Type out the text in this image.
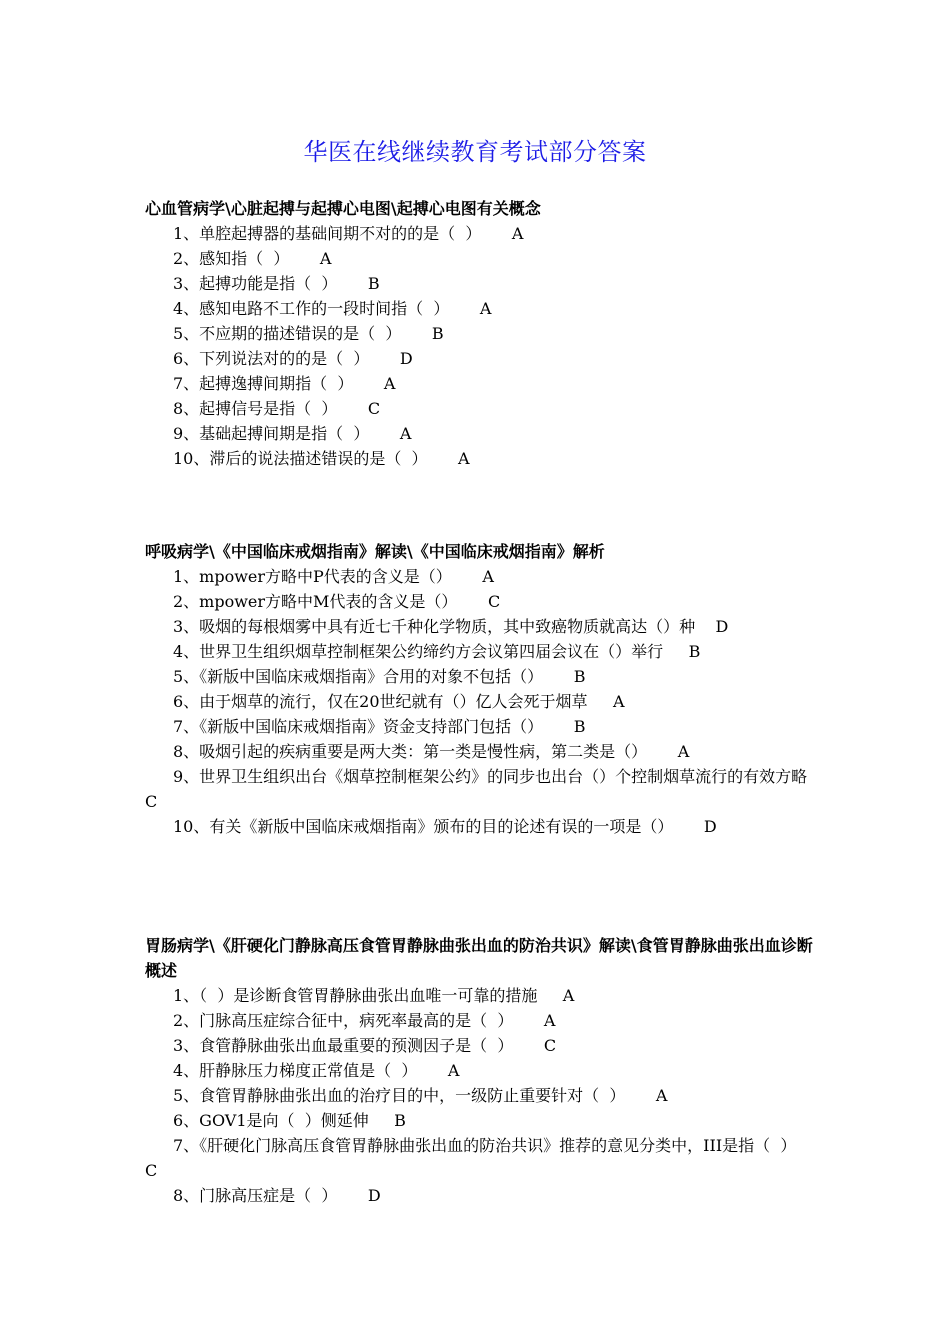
华医在线继续教育考试部分答案

心血管病学\心脏起搏与起搏心电图\起搏心电图有关概念

1、单腔起搏器的基础间期不对的的是（  ）      A

2、感知指（  ）      A

3、起搏功能是指（  ）      B

4、感知电路不工作的一段时间指（  ）      A

5、不应期的描述错误的是（  ）      B

6、下列说法对的的是（  ）      D

7、起搏逸搏间期指（  ）      A

8、起搏信号是指（  ）      C

9、基础起搏间期是指（  ）      A

10、滞后的说法描述错误的是（  ）      A

呼吸病学\《中国临床戒烟指南》解读\《中国临床戒烟指南》解析

1、mpower方略中P代表的含义是（）      A

2、mpower方略中M代表的含义是（）      C

3、吸烟的每根烟雾中具有近七千种化学物质，其中致癌物质就高达（）种    D

4、世界卫生组织烟草控制框架公约缔约方会议第四届会议在（）举行     B

5、《新版中国临床戒烟指南》合用的对象不包括（）      B

6、由于烟草的流行，仅在20世纪就有（）亿人会死于烟草     A

7、《新版中国临床戒烟指南》资金支持部门包括（）      B

8、吸烟引起的疾病重要是两大类：第一类是慢性病，第二类是（）      A

9、世界卫生组织出台《烟草控制框架公约》的同步也出台（）个控制烟草流行的有效方略     C

10、有关《新版中国临床戒烟指南》颁布的目的论述有误的一项是（）      D

胃肠病学\《肝硬化门静脉高压食管胃静脉曲张出血的防治共识》解读\食管胃静脉曲张出血诊断概述

1、（  ）是诊断食管胃静脉曲张出血唯一可靠的措施     A

2、门脉高压症综合征中，病死率最高的是（  ）      A

3、食管静脉曲张出血最重要的预测因子是（  ）      C

4、肝静脉压力梯度正常值是（  ）      A

5、食管胃静脉曲张出血的治疗目的中，一级防止重要针对（  ）      A

6、GOV1是向（  ）侧延伸     B

7、《肝硬化门脉高压食管胃静脉曲张出血的防治共识》推荐的意见分类中，III是指（  ）      C

8、门脉高压症是（  ）      D
